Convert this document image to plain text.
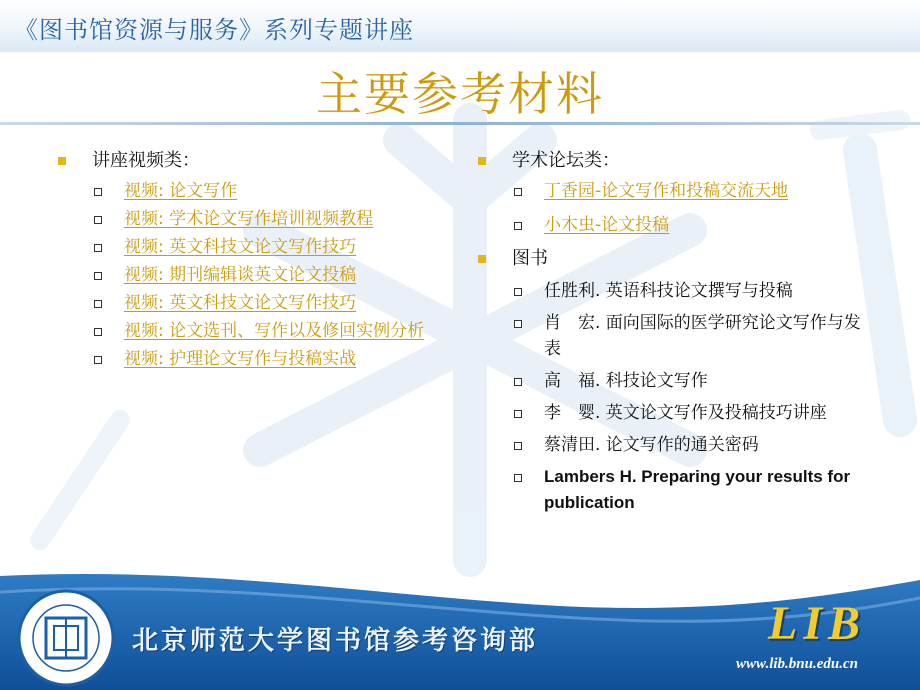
《图书馆资源与服务》系列专题讲座
主要参考材料
讲座视频类：
视频: 论文写作
视频: 学术论文写作培训视频教程
视频: 英文科技文论文写作技巧
视频: 期刊编辑谈英文论文投稿
视频: 英文科技文论文写作技巧
视频: 论文选刊、写作以及修回实例分析
视频: 护理论文写作与投稿实战
学术论坛类：
丁香园-论文写作和投稿交流天地
小木虫-论文投稿
图书
任胜利. 英语科技论文撰写与投稿
肖　宏. 面向国际的医学研究论文写作与发表
高　福. 科技论文写作
李　婴. 英文论文写作及投稿技巧讲座
蔡清田. 论文写作的通关密码
Lambers H. Preparing your results for publication
北京师范大学图书馆参考咨询部	LIB
www.lib.bnu.edu.cn
